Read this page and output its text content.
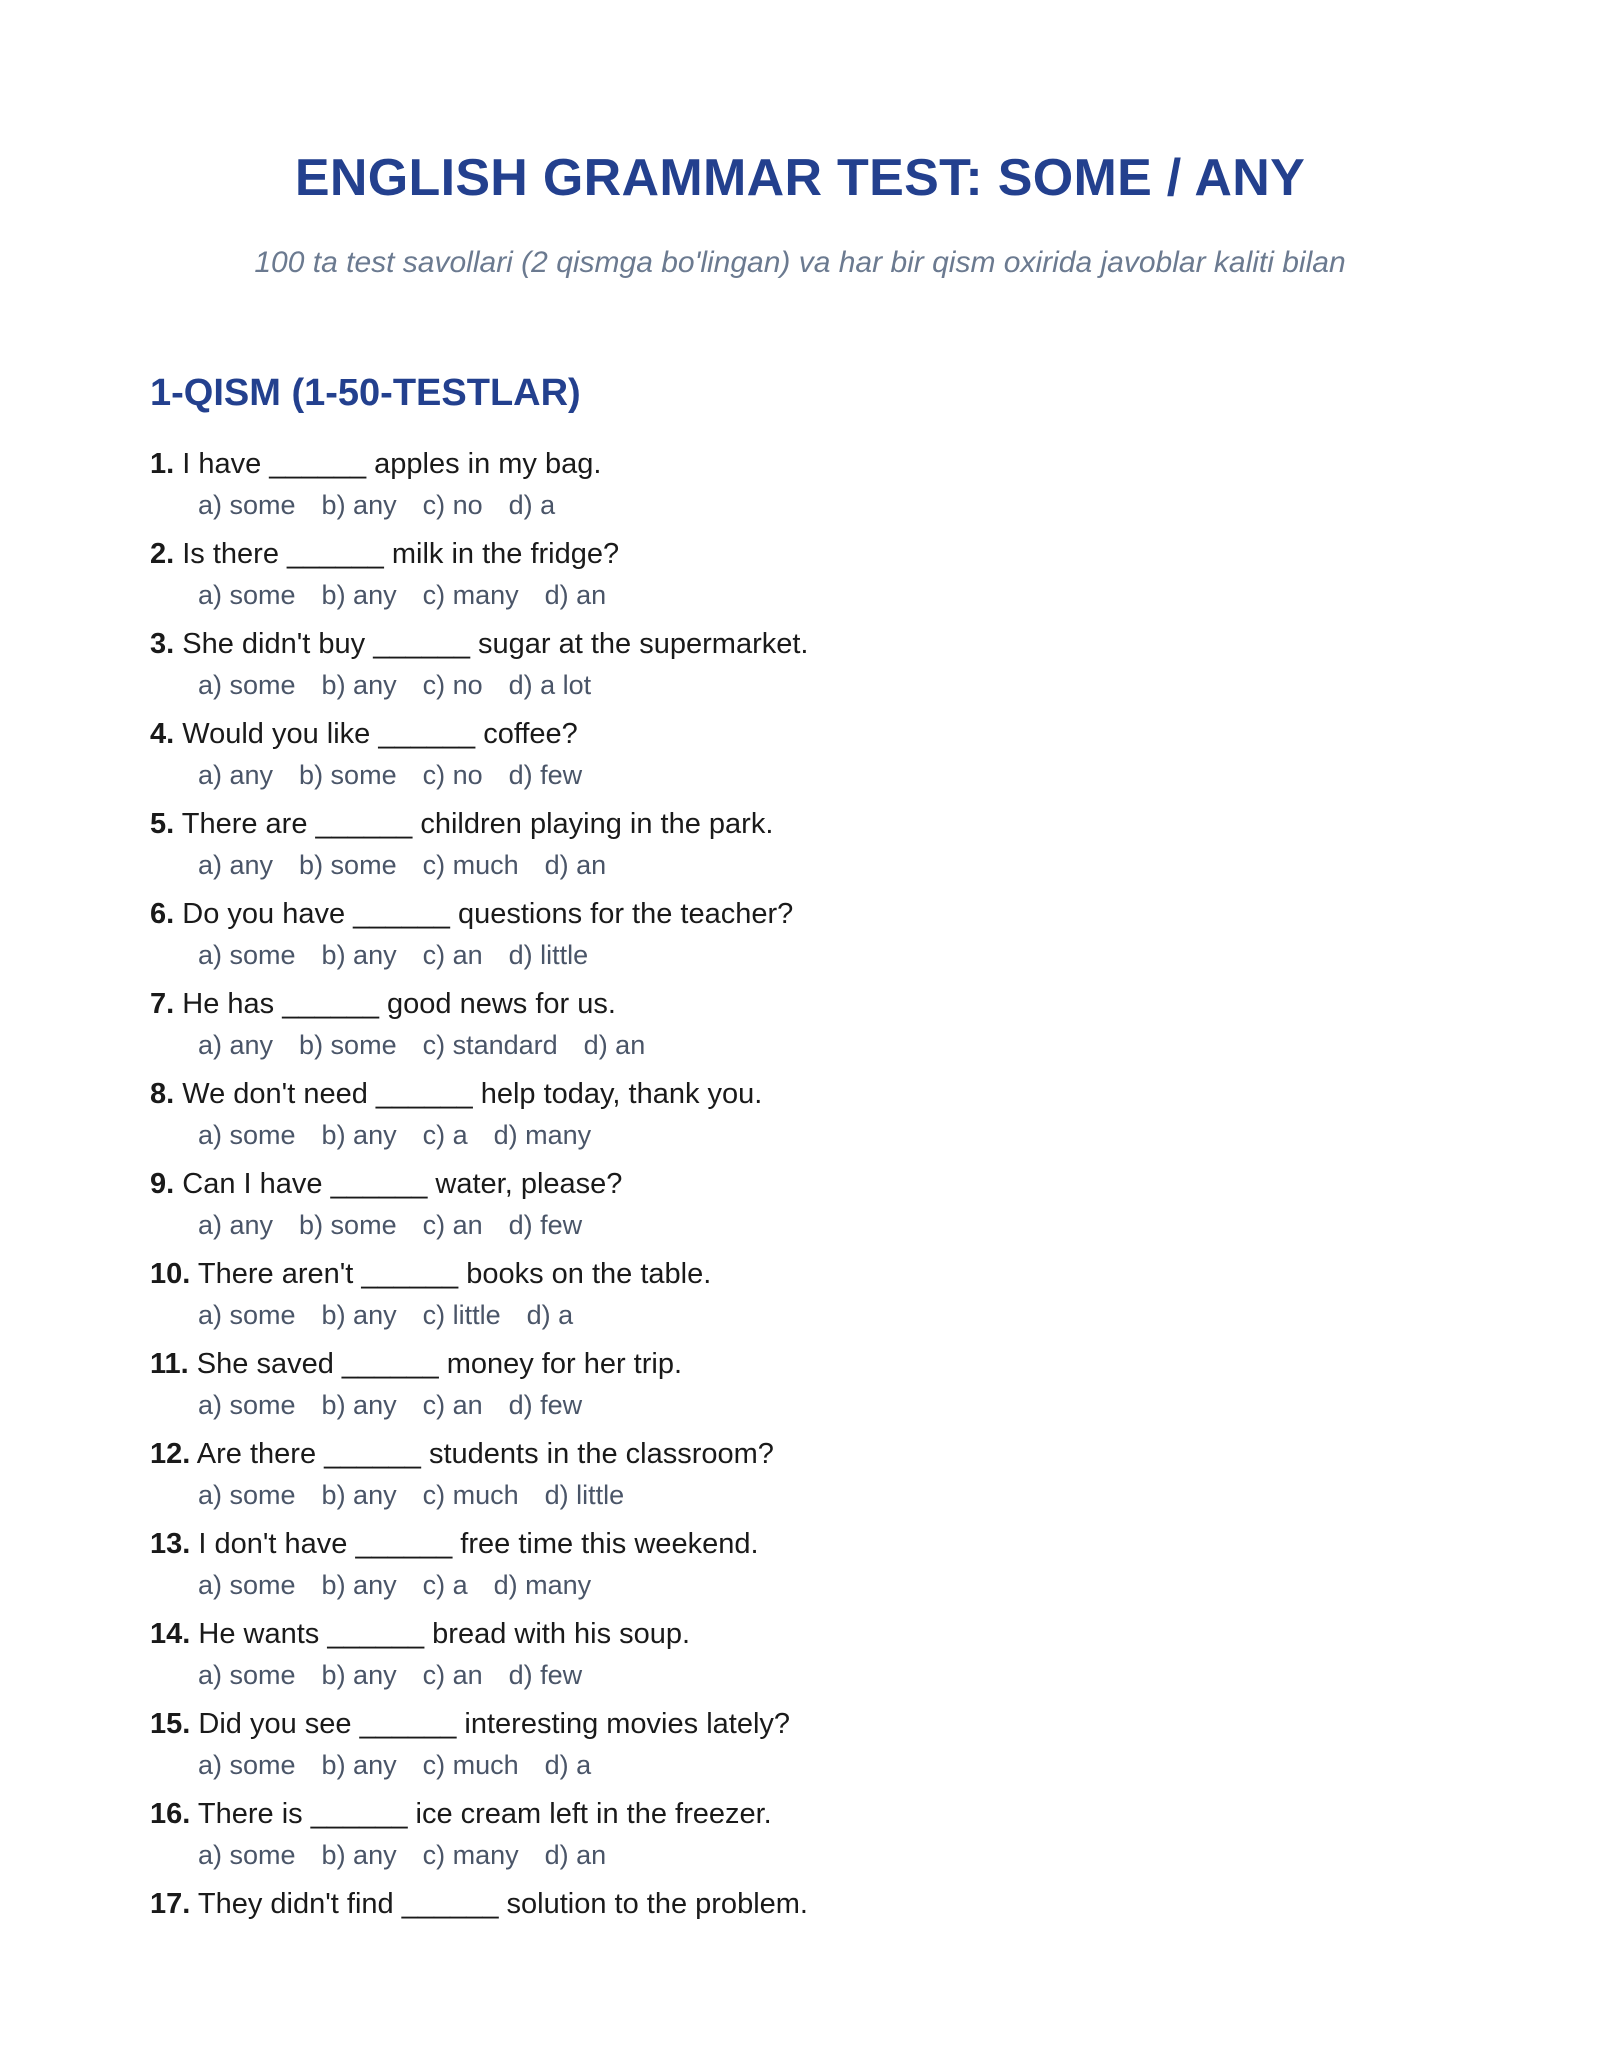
ENGLISH GRAMMAR TEST: SOME / ANY

100 ta test savollari (2 qismga bo'lingan) va har bir qism oxirida javoblar kaliti bilan

1-QISM (1-50-TESTLAR)
1. I have ______ apples in my bag.
a) some b) any c) no d) a
2. Is there ______ milk in the fridge?
a) some b) any c) many d) an
3. She didn't buy ______ sugar at the supermarket.
a) some b) any c) no d) a lot
4. Would you like ______ coffee?
a) any b) some c) no d) few
5. There are ______ children playing in the park.
a) any b) some c) much d) an
6. Do you have ______ questions for the teacher?
a) some b) any c) an d) little
7. He has ______ good news for us.
a) any b) some c) standard d) an
8. We don't need ______ help today, thank you.
a) some b) any c) a d) many
9. Can I have ______ water, please?
a) any b) some c) an d) few
10. There aren't ______ books on the table.
a) some b) any c) little d) a
11. She saved ______ money for her trip.
a) some b) any c) an d) few
12. Are there ______ students in the classroom?
a) some b) any c) much d) little
13. I don't have ______ free time this weekend.
a) some b) any c) a d) many
14. He wants ______ bread with his soup.
a) some b) any c) an d) few
15. Did you see ______ interesting movies lately?
a) some b) any c) much d) a
16. There is ______ ice cream left in the freezer.
a) some b) any c) many d) an
17. They didn't find ______ solution to the problem.
